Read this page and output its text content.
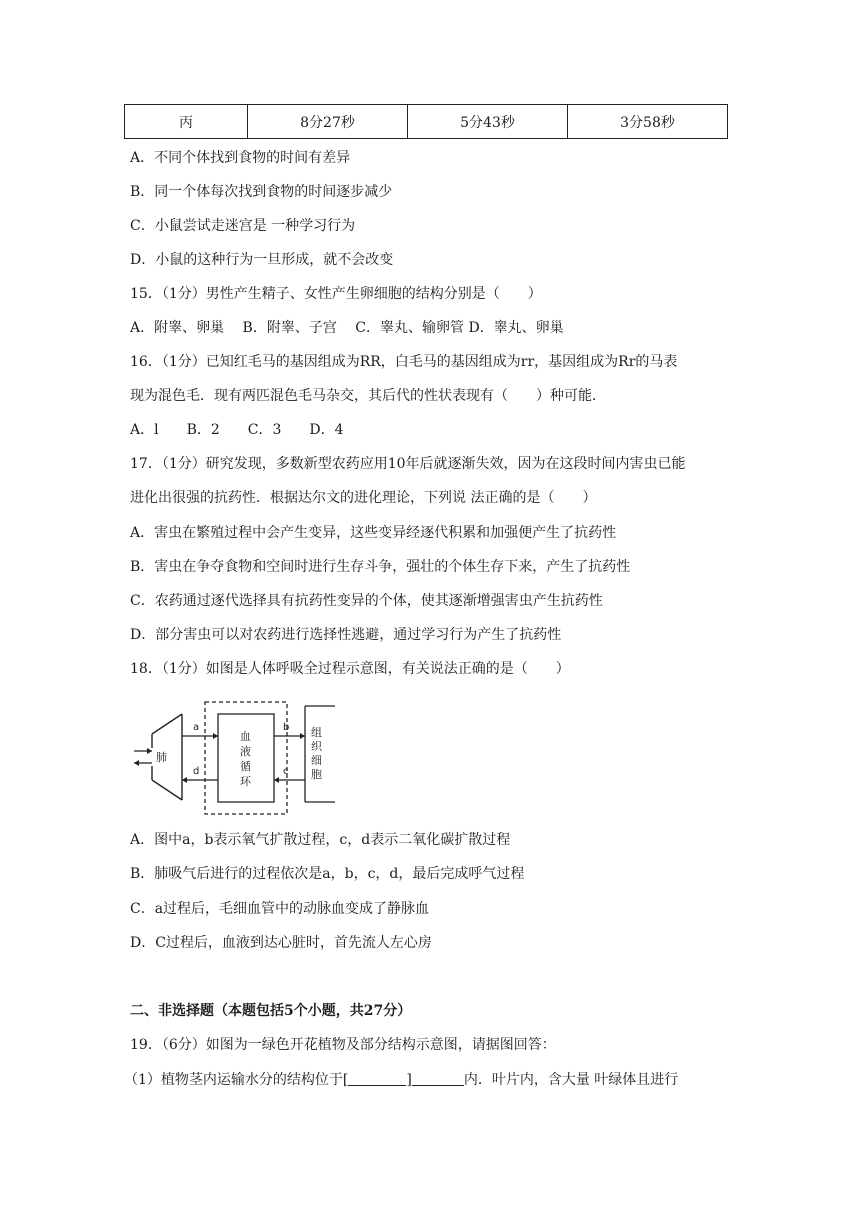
丙	8分27秒	5分43秒	3分58秒
A．不同个体找到食物的时间有差异
B．同一个体每次找到食物的时间逐步减少
C．小鼠尝试走迷宫是 一种学习行为
D．小鼠的这种行为一旦形成，就不会改变
15．（1分）男性产生精子、女性产生卵细胞的结构分别是（　　）
A．附睾、卵巢　 B．附睾、子宫　 C．睾丸、输卵管 D．睾丸、卵巢
16．（1分）已知红毛马的基因组成为RR，白毛马的基因组成为rr，基因组成为Rr的马表
现为混色毛．现有两匹混色毛马杂交，其后代的性状表现有（　　）种可能．
A．l　　B．2　　C．3　　D．4
17．（1分）研究发现，多数新型农药应用10年后就逐渐失效，因为在这段时间内害虫已能
进化出很强的抗药性．根据达尔文的进化理论，下列说 法正确的是（　　）
A．害虫在繁殖过程中会产生变异，这些变异经逐代积累和加强便产生了抗药性
B．害虫在争夺食物和空间时进行生存斗争，强壮的个体生存下来，产生了抗药性
C．农药通过逐代选择具有抗药性变异的个体，使其逐渐增强害虫产生抗药性
D．部分害虫可以对农药进行选择性逃避，通过学习行为产生了抗药性
18．（1分）如图是人体呼吸全过程示意图，有关说法正确的是（　　）
肺
血
液
循
环
组
织
细
胞
a
d
b
c
A．图中a，b表示氧气扩散过程，c，d表示二氧化碳扩散过程
B．肺吸气后进行的过程依次是a，b，c，d，最后完成呼气过程
C．a过程后，毛细血管中的动脉血变成了静脉血
D．C过程后，血液到达心脏时，首先流人左心房
二、非选择题（本题包括5个小题，共27分）
19．（6分）如图为一绿色开花植物及部分结构示意图，请据图回答：
（1）植物茎内运输水分的结构位于[	]	内．叶片内，含大量 叶绿体且进行
